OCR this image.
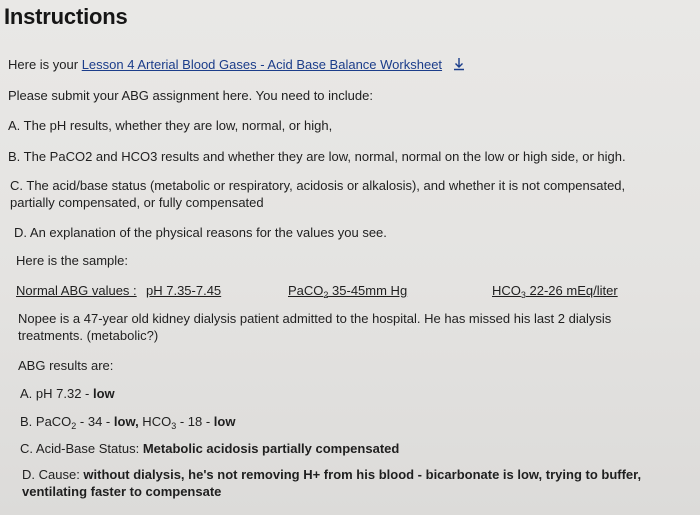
Instructions
Here is your Lesson 4 Arterial Blood Gases - Acid Base Balance Worksheet
Please submit your ABG assignment here. You need to include:
A. The pH results, whether they are low, normal, or high,
B. The PaCO2 and HCO3 results and whether they are low, normal, normal on the low or high side, or high.
C. The acid/base status (metabolic or respiratory, acidosis or alkalosis), and whether it is not compensated, partially compensated, or fully compensated
D. An explanation of the physical reasons for the values you see.
Here is the sample:
Normal ABG values : pH 7.35-7.45	PaCO$_2$ 35-45mm Hg	$HCO_3$ 22-26 mEq/liter
Nopee is a 47-year old kidney dialysis patient admitted to the hospital. He has missed his last 2 dialysis treatments. (metabolic?)
ABG results are:
A. pH 7.32 - low
B. PaCO$_2$ - 34 - low, $HCO_3 - 18$ - low
C. Acid-Base Status: Metabolic acidosis partially compensated
D. Cause: without dialysis, he's not removing H+ from his blood - bicarbonate is low, trying to buffer, ventilating faster to compensate
